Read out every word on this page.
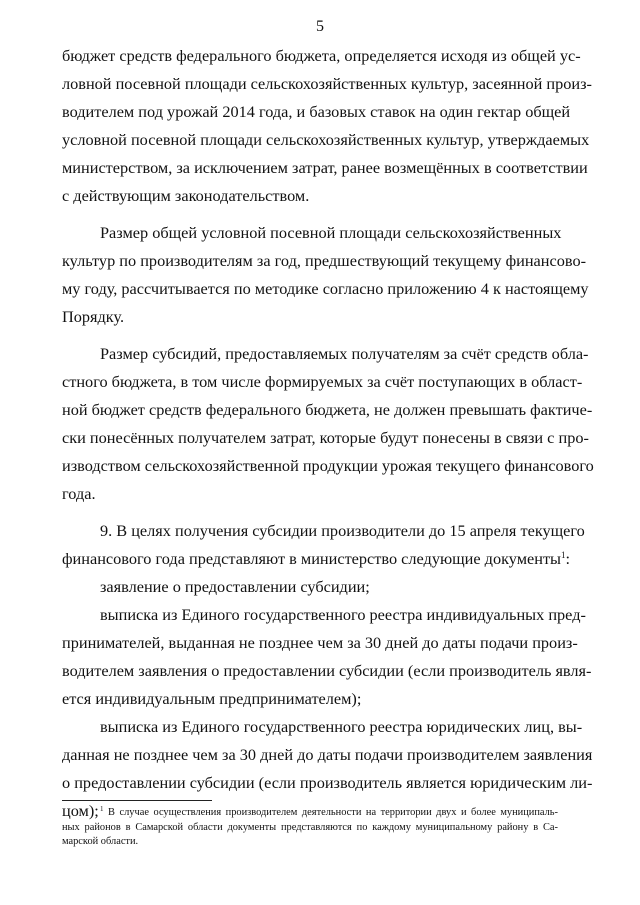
5
бюджет средств федерального бюджета, определяется исходя из общей ус-
ловной посевной площади сельскохозяйственных культур, засеянной произ-
водителем под урожай 2014 года, и базовых ставок на один гектар общей
условной посевной площади сельскохозяйственных культур, утверждаемых
министерством, за исключением затрат, ранее возмещённых в соответствии
с действующим законодательством.
Размер общей условной посевной площади сельскохозяйственных
культур по производителям за год, предшествующий текущему финансово-
му году, рассчитывается по методике согласно приложению 4 к настоящему
Порядку.
Размер субсидий, предоставляемых получателям за счёт средств обла-
стного бюджета, в том числе формируемых за счёт поступающих в област-
ной бюджет средств федерального бюджета, не должен превышать фактиче-
ски понесённых получателем затрат, которые будут понесены в связи с про-
изводством сельскохозяйственной продукции урожая текущего финансового
года.
9. В целях получения субсидии производители до 15 апреля текущего
финансового года представляют в министерство следующие документы$^1$:
заявление о предоставлении субсидии;
выписка из Единого государственного реестра индивидуальных пред-
принимателей, выданная не позднее чем за 30 дней до даты подачи произ-
водителем заявления о предоставлении субсидии (если производитель явля-
ется индивидуальным предпринимателем);
выписка из Единого государственного реестра юридических лиц, вы-
данная не позднее чем за 30 дней до даты подачи производителем заявления
о предоставлении субсидии (если производитель является юридическим ли-
цом); $^1$ В случае осуществления производителем деятельности на территории двух и более муниципаль-
ных районов в Самарской области документы представляются по каждому муниципальному району в Са-
марской области.
